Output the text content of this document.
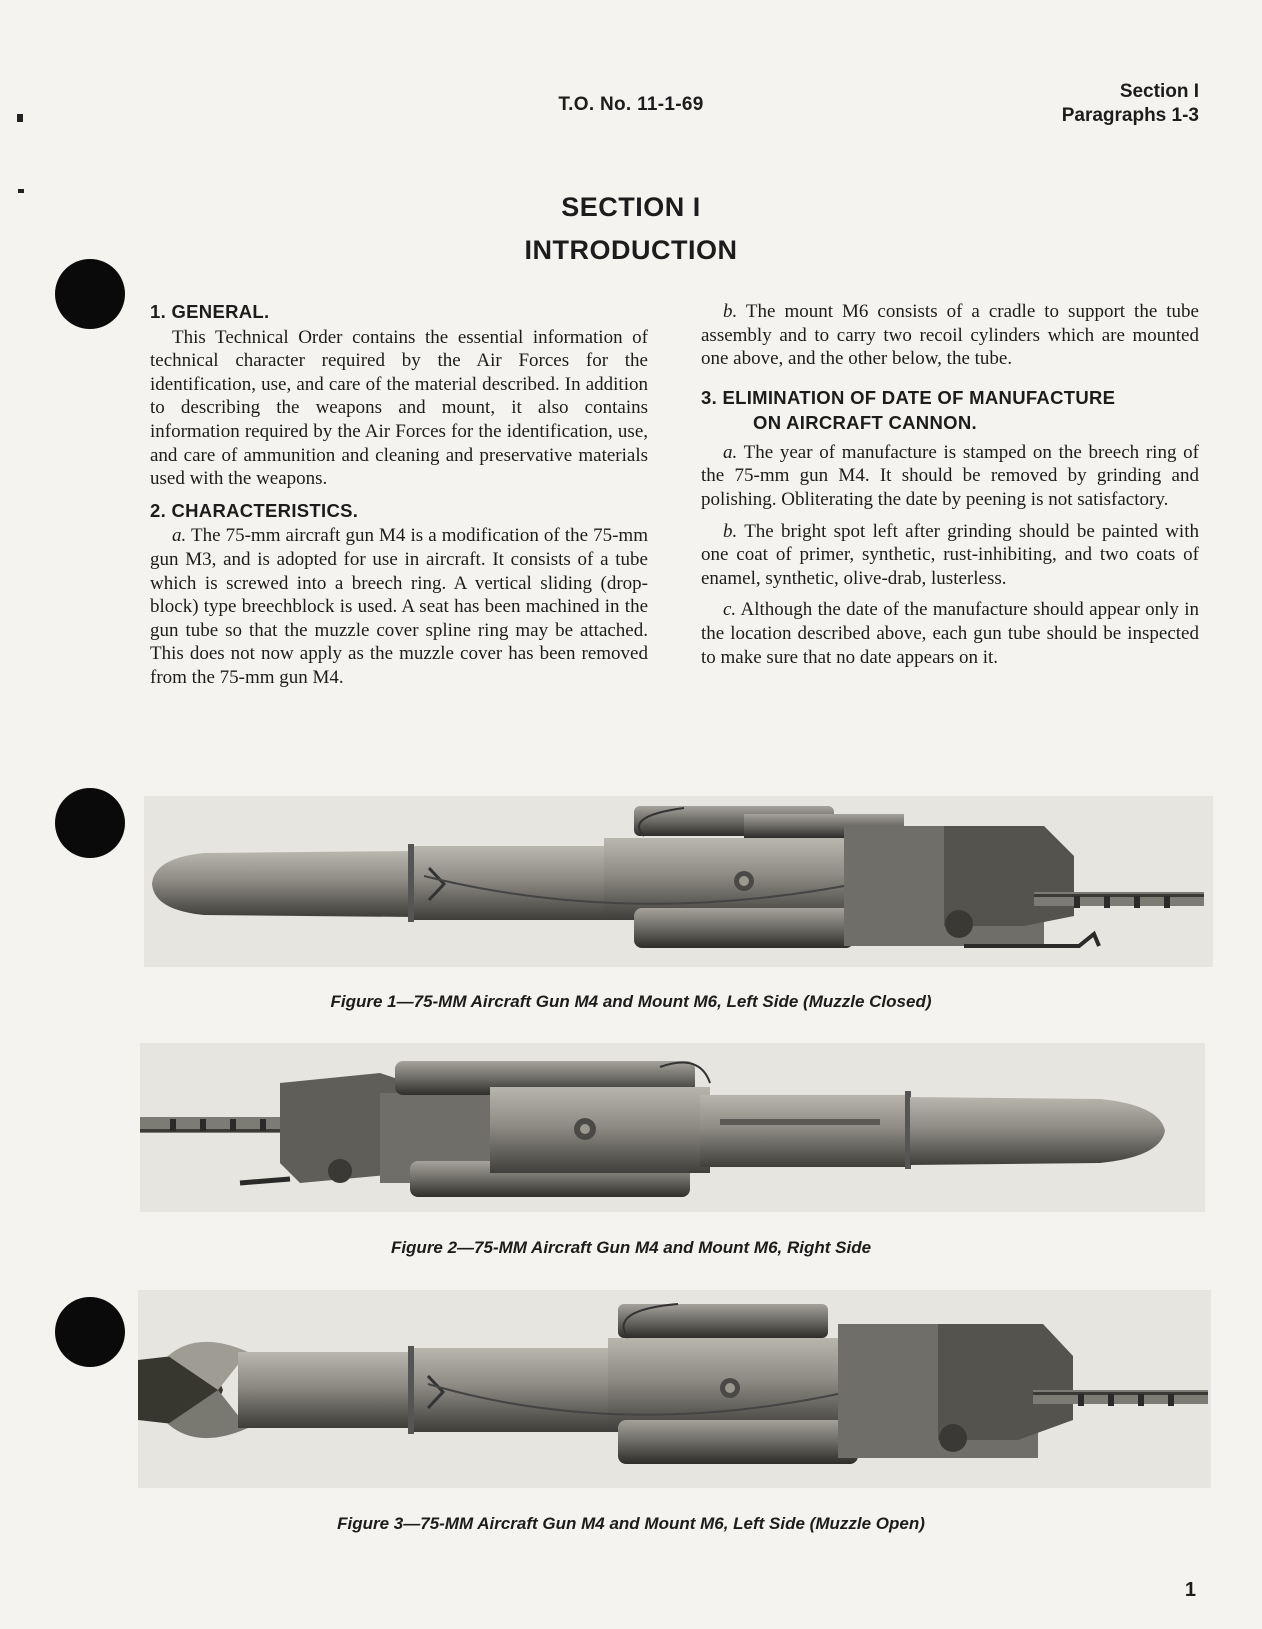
T.O. No. 11-1-69
Section I
Paragraphs 1-3
SECTION I
INTRODUCTION
1. GENERAL.

This Technical Order contains the essential information of technical character required by the Air Forces for the identification, use, and care of the material described. In addition to describing the weapons and mount, it also contains information required by the Air Forces for the identification, use, and care of ammunition and cleaning and preservative materials used with the weapons.

2. CHARACTERISTICS.

a. The 75-mm aircraft gun M4 is a modification of the 75-mm gun M3, and is adopted for use in aircraft. It consists of a tube which is screwed into a breech ring. A vertical sliding (drop-block) type breechblock is used. A seat has been machined in the gun tube so that the muzzle cover spline ring may be attached. This does not now apply as the muzzle cover has been removed from the 75-mm gun M4.

b. The mount M6 consists of a cradle to support the tube assembly and to carry two recoil cylinders which are mounted one above, and the other below, the tube.

3. ELIMINATION OF DATE OF MANUFACTURE
ON AIRCRAFT CANNON.

a. The year of manufacture is stamped on the breech ring of the 75-mm gun M4. It should be removed by grinding and polishing. Obliterating the date by peening is not satisfactory.

b. The bright spot left after grinding should be painted with one coat of primer, synthetic, rust-inhibiting, and two coats of enamel, synthetic, olive-drab, lusterless.

c. Although the date of the manufacture should appear only in the location described above, each gun tube should be inspected to make sure that no date appears on it.

Figure 1—75-MM Aircraft Gun M4 and Mount M6, Left Side (Muzzle Closed)
Figure 2—75-MM Aircraft Gun M4 and Mount M6, Right Side
Figure 3—75-MM Aircraft Gun M4 and Mount M6, Left Side (Muzzle Open)
1
